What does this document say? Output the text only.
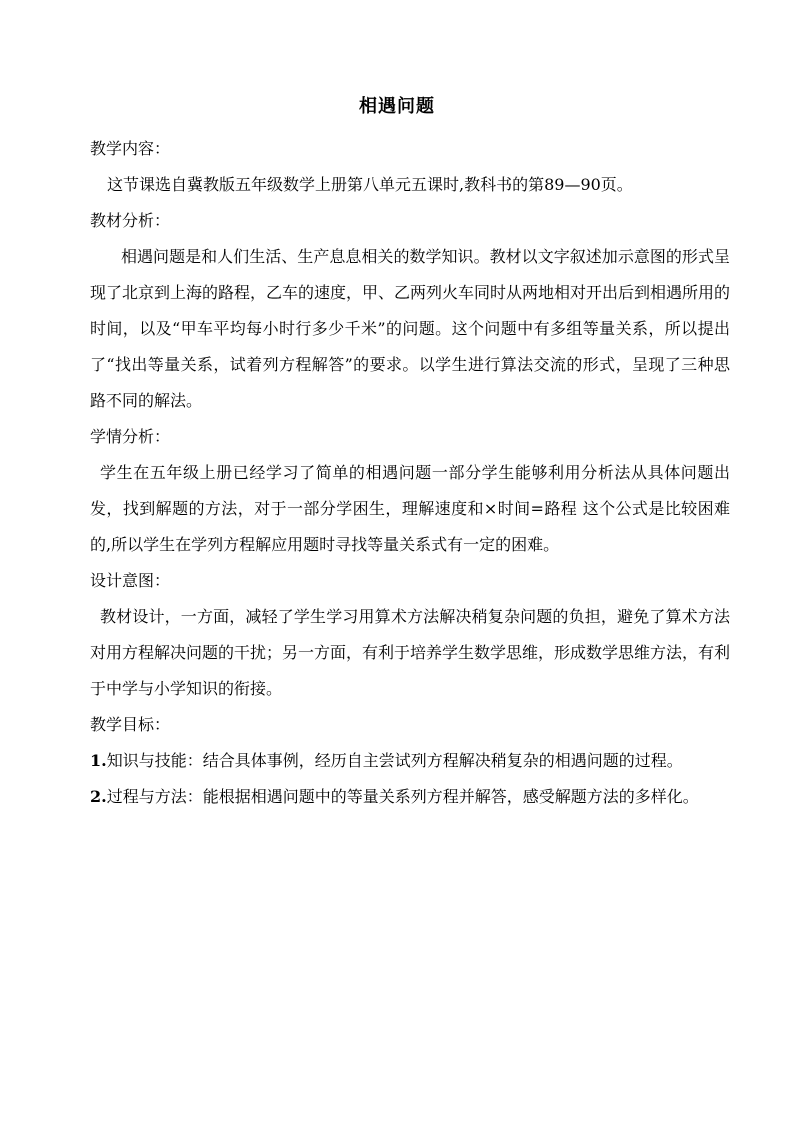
相遇问题

教学内容：

这节课选自冀教版五年级数学上册第八单元五课时,教科书的第89—90页。

教材分析：

相遇问题是和人们生活、生产息息相关的数学知识。教材以文字叙述加示意图的形式呈现了北京到上海的路程，乙车的速度，甲、乙两列火车同时从两地相对开出后到相遇所用的时间，以及“甲车平均每小时行多少千米”的问题。这个问题中有多组等量关系，所以提出了“找出等量关系，试着列方程解答”的要求。以学生进行算法交流的形式，呈现了三种思路不同的解法。

学情分析：

学生在五年级上册已经学习了简单的相遇问题一部分学生能够利用分析法从具体问题出发，找到解题的方法，对于一部分学困生，理解速度和×时间=路程 这个公式是比较困难的,所以学生在学列方程解应用题时寻找等量关系式有一定的困难。

设计意图：

教材设计，一方面，减轻了学生学习用算术方法解决稍复杂问题的负担，避免了算术方法对用方程解决问题的干扰；另一方面，有利于培养学生数学思维，形成数学思维方法，有利于中学与小学知识的衔接。

教学目标：

1.知识与技能：结合具体事例，经历自主尝试列方程解决稍复杂的相遇问题的过程。

2.过程与方法：能根据相遇问题中的等量关系列方程并解答，感受解题方法的多样化。
